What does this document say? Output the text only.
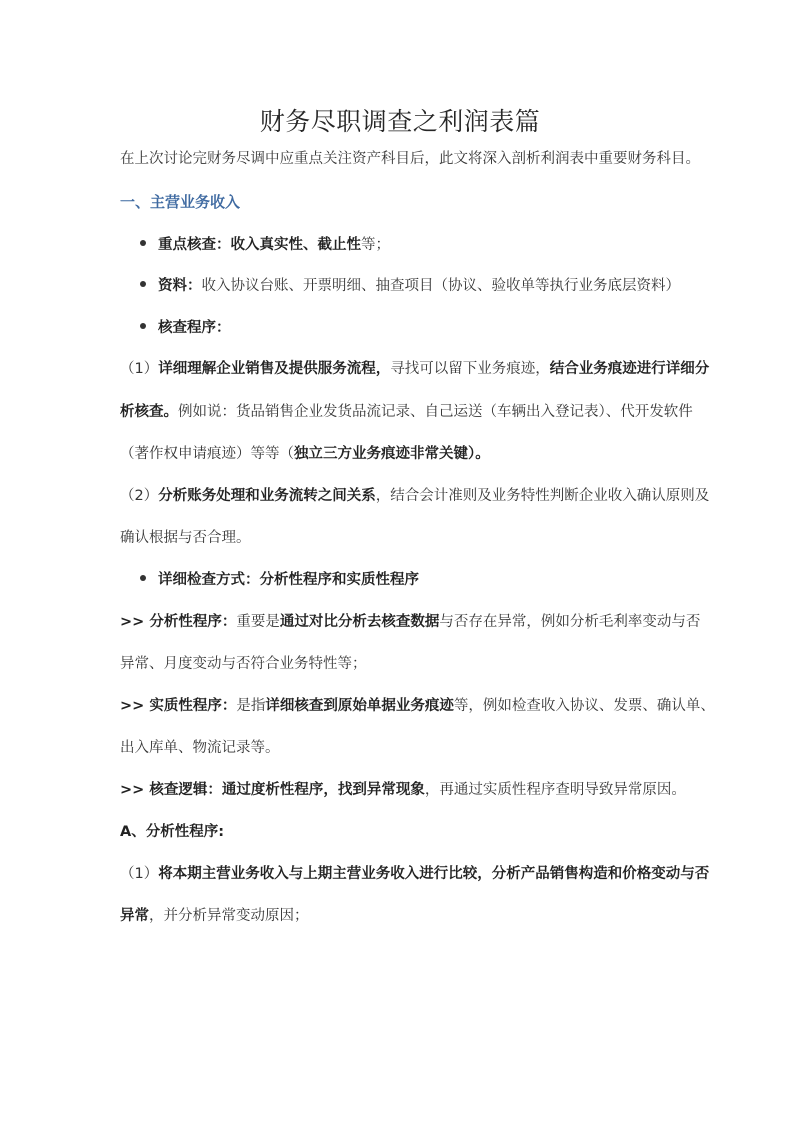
财务尽职调查之利润表篇
在上次讨论完财务尽调中应重点关注资产科目后，此文将深入剖析利润表中重要财务科目。
一、主营业务收入
重点核查：收入真实性、截止性等；
资料：收入协议台账、开票明细、抽查项目（协议、验收单等执行业务底层资料）
核查程序：
（1）详细理解企业销售及提供服务流程，寻找可以留下业务痕迹，结合业务痕迹进行详细分
析核查。例如说：货品销售企业发货品流记录、自己运送（车辆出入登记表）、代开发软件
（著作权申请痕迹）等等（独立三方业务痕迹非常关键）。
（2）分析账务处理和业务流转之间关系，结合会计准则及业务特性判断企业收入确认原则及
确认根据与否合理。
详细检查方式：分析性程序和实质性程序
>> 分析性程序：重要是通过对比分析去核查数据与否存在异常，例如分析毛利率变动与否
异常、月度变动与否符合业务特性等；
>> 实质性程序：是指详细核查到原始单据业务痕迹等，例如检查收入协议、发票、确认单、
出入库单、物流记录等。
>> 核查逻辑：通过度析性程序，找到异常现象，再通过实质性程序查明导致异常原因。
A、分析性程序:
（1）将本期主营业务收入与上期主营业务收入进行比较，分析产品销售构造和价格变动与否
异常，并分析异常变动原因；
